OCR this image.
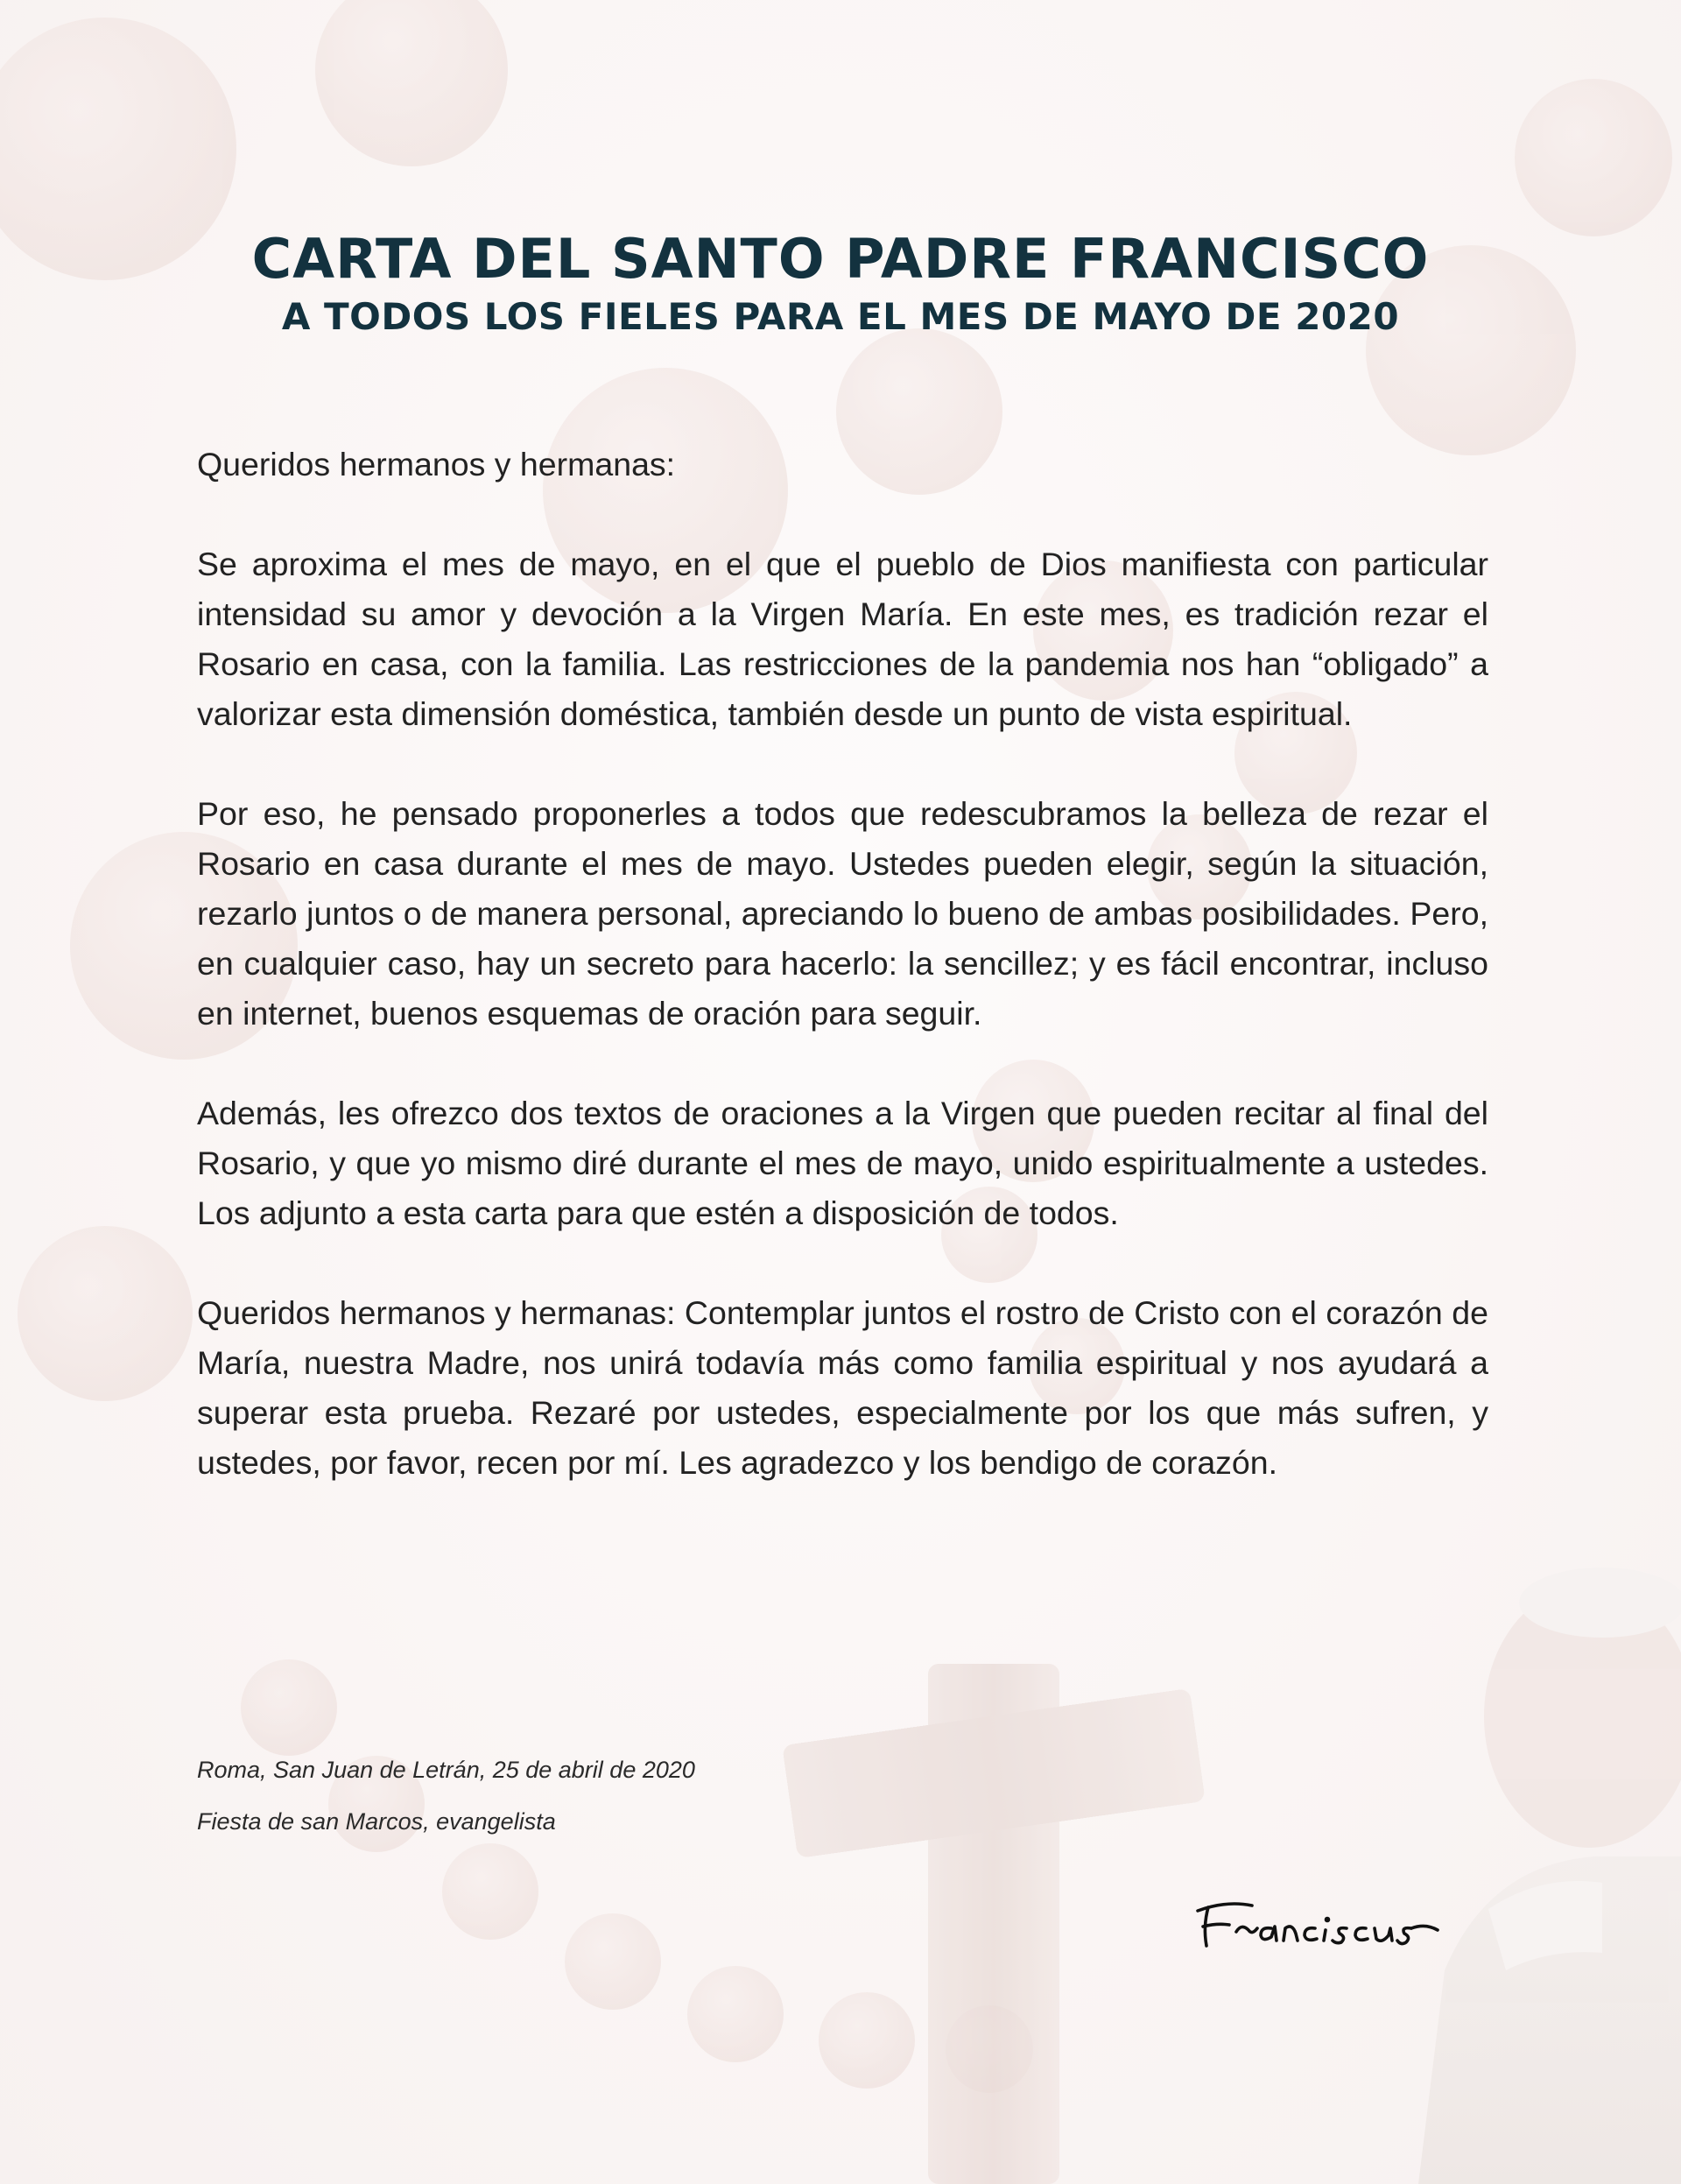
CARTA DEL SANTO PADRE FRANCISCO
A TODOS LOS FIELES PARA EL MES DE MAYO DE 2020

Queridos hermanos y hermanas:

Se aproxima el mes de mayo, en el que el pueblo de Dios manifiesta con particular intensidad su amor y devoción a la Virgen María. En este mes, es tradición rezar el Rosario en casa, con la familia. Las restricciones de la pandemia nos han “obligado” a valorizar esta dimensión doméstica, también desde un punto de vista espiritual.

Por eso, he pensado proponerles a todos que redescubramos la belleza de rezar el Rosario en casa durante el mes de mayo. Ustedes pueden elegir, según la situación, rezarlo juntos o de manera personal, apreciando lo bueno de ambas posibilidades. Pero, en cualquier caso, hay un secreto para hacerlo: la sencillez; y es fácil encontrar, incluso en internet, buenos esquemas de oración para seguir.

Además, les ofrezco dos textos de oraciones a la Virgen que pueden recitar al final del Rosario, y que yo mismo diré durante el mes de mayo, unido espiritualmente a ustedes. Los adjunto a esta carta para que estén a disposición de todos.

Queridos hermanos y hermanas: Contemplar juntos el rostro de Cristo con el corazón de María, nuestra Madre, nos unirá todavía más como familia espiritual y nos ayudará a superar esta prueba. Rezaré por ustedes, especialmente por los que más sufren, y ustedes, por favor, recen por mí. Les agradezco y los bendigo de corazón.

Roma, San Juan de Letrán, 25 de abril de 2020
Fiesta de san Marcos, evangelista
